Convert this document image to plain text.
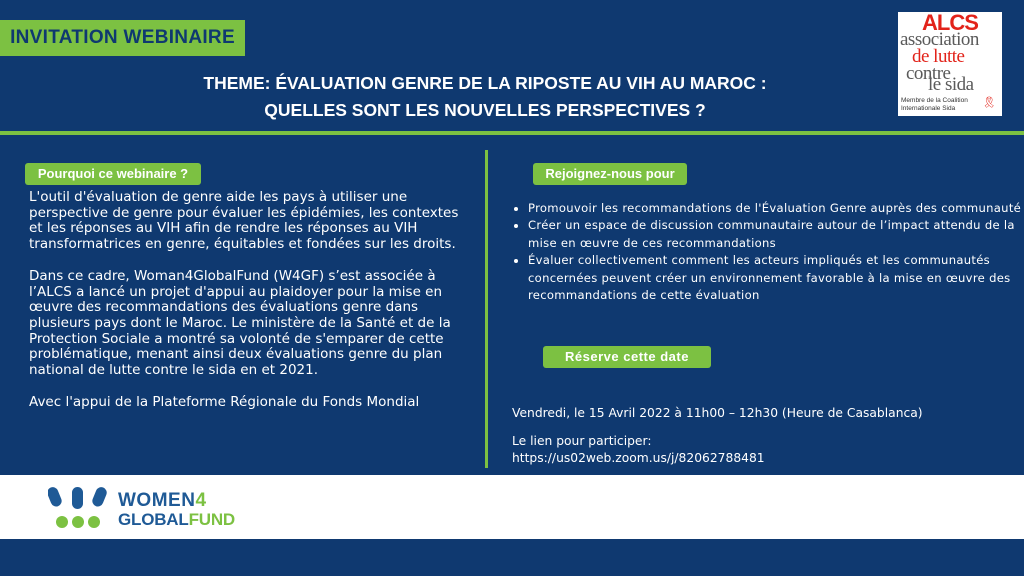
INVITATION WEBINAIRE
THEME: ÉVALUATION GENRE DE LA RIPOSTE AU VIH AU MAROC :
QUELLES SONT LES NOUVELLES PERSPECTIVES ?
ALCS
association
de lutte
contre
le sida
Membre de la Coalition
Internationale Sida	🎗︎
Pourquoi ce webinaire ?

L'outil d'évaluation de genre aide les pays à utiliser une perspective de genre pour évaluer les épidémies, les contextes et les réponses au VIH afin de rendre les réponses au VIH transformatrices en genre, équitables et fondées sur les droits.

Dans ce cadre, Woman4GlobalFund (W4GF) s’est associée à l’ALCS a lancé un projet d'appui au plaidoyer pour la mise en œuvre des recommandations des évaluations genre dans plusieurs pays dont le Maroc. Le ministère de la Santé et de la Protection Sociale a montré sa volonté de s'emparer de cette problématique, menant ainsi deux évaluations genre du plan national de lutte contre le sida en et 2021.

Avec l'appui de la Plateforme Régionale du Fonds Mondial

Rejoignez-nous pour
• Promouvoir les recommandations de l'Évaluation Genre auprès des communauté
• Créer un espace de discussion communautaire autour de l’impact attendu de la mise en œuvre de ces recommandations
• Évaluer collectivement comment les acteurs impliqués et les communautés concernées peuvent créer un environnement favorable à la mise en œuvre des recommandations de cette évaluation
Réserve cette date
Vendredi, le 15 Avril 2022 à 11h00 – 12h30 (Heure de Casablanca)
Le lien pour participer:
https://us02web.zoom.us/j/82062788481
WOMEN4
GLOBALFUND
